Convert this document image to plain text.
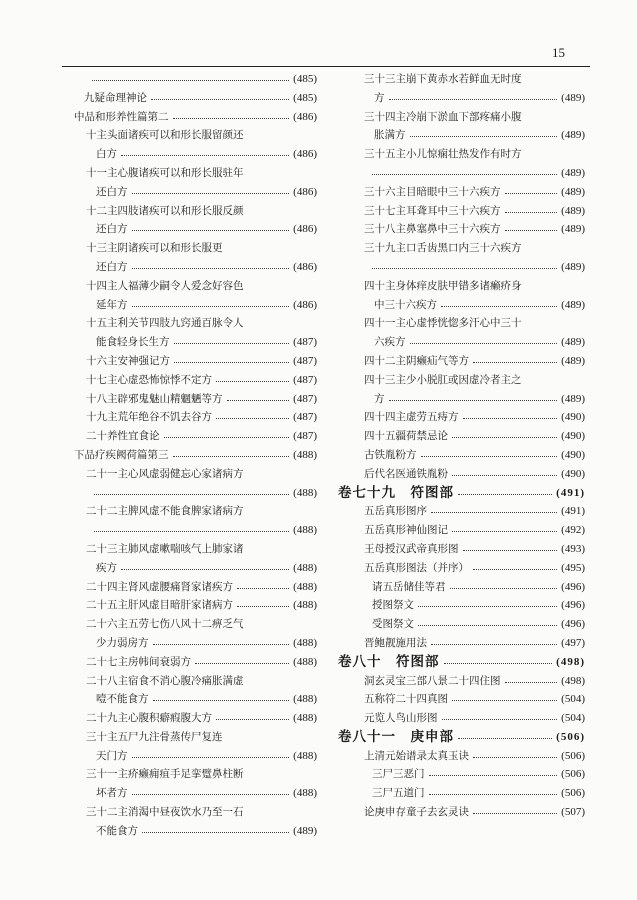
15
(485)
九疑命理神论	(485)
中品和形养性篇第二	(486)
十主头面诸疾可以和形长服留颜还
白方	(486)
十一主心腹诸疾可以和形长服驻年
还白方	(486)
十二主四肢诸疾可以和形长服反颜
还白方	(486)
十三主阴诸疾可以和形长服更
还白方	(486)
十四主人福薄少嗣令人爱念好容色
延年方	(486)
十五主利关节四肢九窍通百脉令人
能食轻身长生方	(487)
十六主安神强记方	(487)
十七主心虚恐怖惊悸不定方	(487)
十八主辟邪鬼魅山精魍魉等方	(487)
十九主荒年绝谷不饥去谷方	(487)
二十养性宜食论	(487)
下品疗疾阙荷篇第三	(488)
二十一主心风虚弱健忘心家诸病方
(488)
二十二主脾风虚不能食脾家诸病方
(488)
二十三主肺风虚嗽喘咳气上肺家诸
疾方	(488)
二十四主肾风虚腰痛肾家诸疾方	(488)
二十五主肝风虚目暗肝家诸病方	(488)
二十六主五劳七伤八风十二痹乏气
少力弱房方	(488)
二十七主房帏间衰弱方	(488)
二十八主宿食不消心腹冷痛胀满虚
噎不能食方	(488)
二十九主心腹积癖瘕腹大方	(488)
三十主五尸九注骨蒸传尸复连
天门方	(488)
三十一主疥癞痈疽手足挛躄鼻柱断
坏者方	(488)
三十二主消渴中昼夜饮水乃至一石
不能食方	(489)
三十三主崩下黄赤水若鲜血无时度
方	(489)
三十四主冷崩下淤血下部疼痛小腹
胀满方	(489)
三十五主小儿惊痫壮热发作有时方
(489)
三十六主目暗眼中三十六疾方	(489)
三十七主耳聋耳中三十六疾方	(489)
三十八主鼻塞鼻中三十六疾方	(489)
三十九主口舌齿黑口内三十六疾方
(489)
四十主身体痒皮肤甲错多诸癞疥身
中三十六疾方	(489)
四十一主心虚悸恍惚多汗心中三十
六疾方	(489)
四十二主阴癞疝气等方	(489)
四十三主少小脱肛或因虚冷者主之
方	(489)
四十四主虚劳五痔方	(490)
四十五疆荷禁忌论	(490)
古铁胤粉方	(490)
后代名医通铁胤粉	(490)
卷七十九　符图部	(491)
五岳真形图序	(491)
五岳真形神仙图记	(492)
王母授汉武帝真形图	(493)
五岳真形图法（并序）	(495)
请五岳储佳等君	(496)
授图祭文	(496)
受图祭文	(496)
晋鲍靓施用法	(497)
卷八十　符图部	(498)
洞玄灵宝三部八景二十四住图	(498)
五称符二十四真图	(504)
元览人鸟山形图	(504)
卷八十一　庚申部	(506)
上清元始谱录太真玉诀	(506)
三尸三恶门	(506)
三尸五道门	(506)
论庚申存童子去玄灵诀	(507)
